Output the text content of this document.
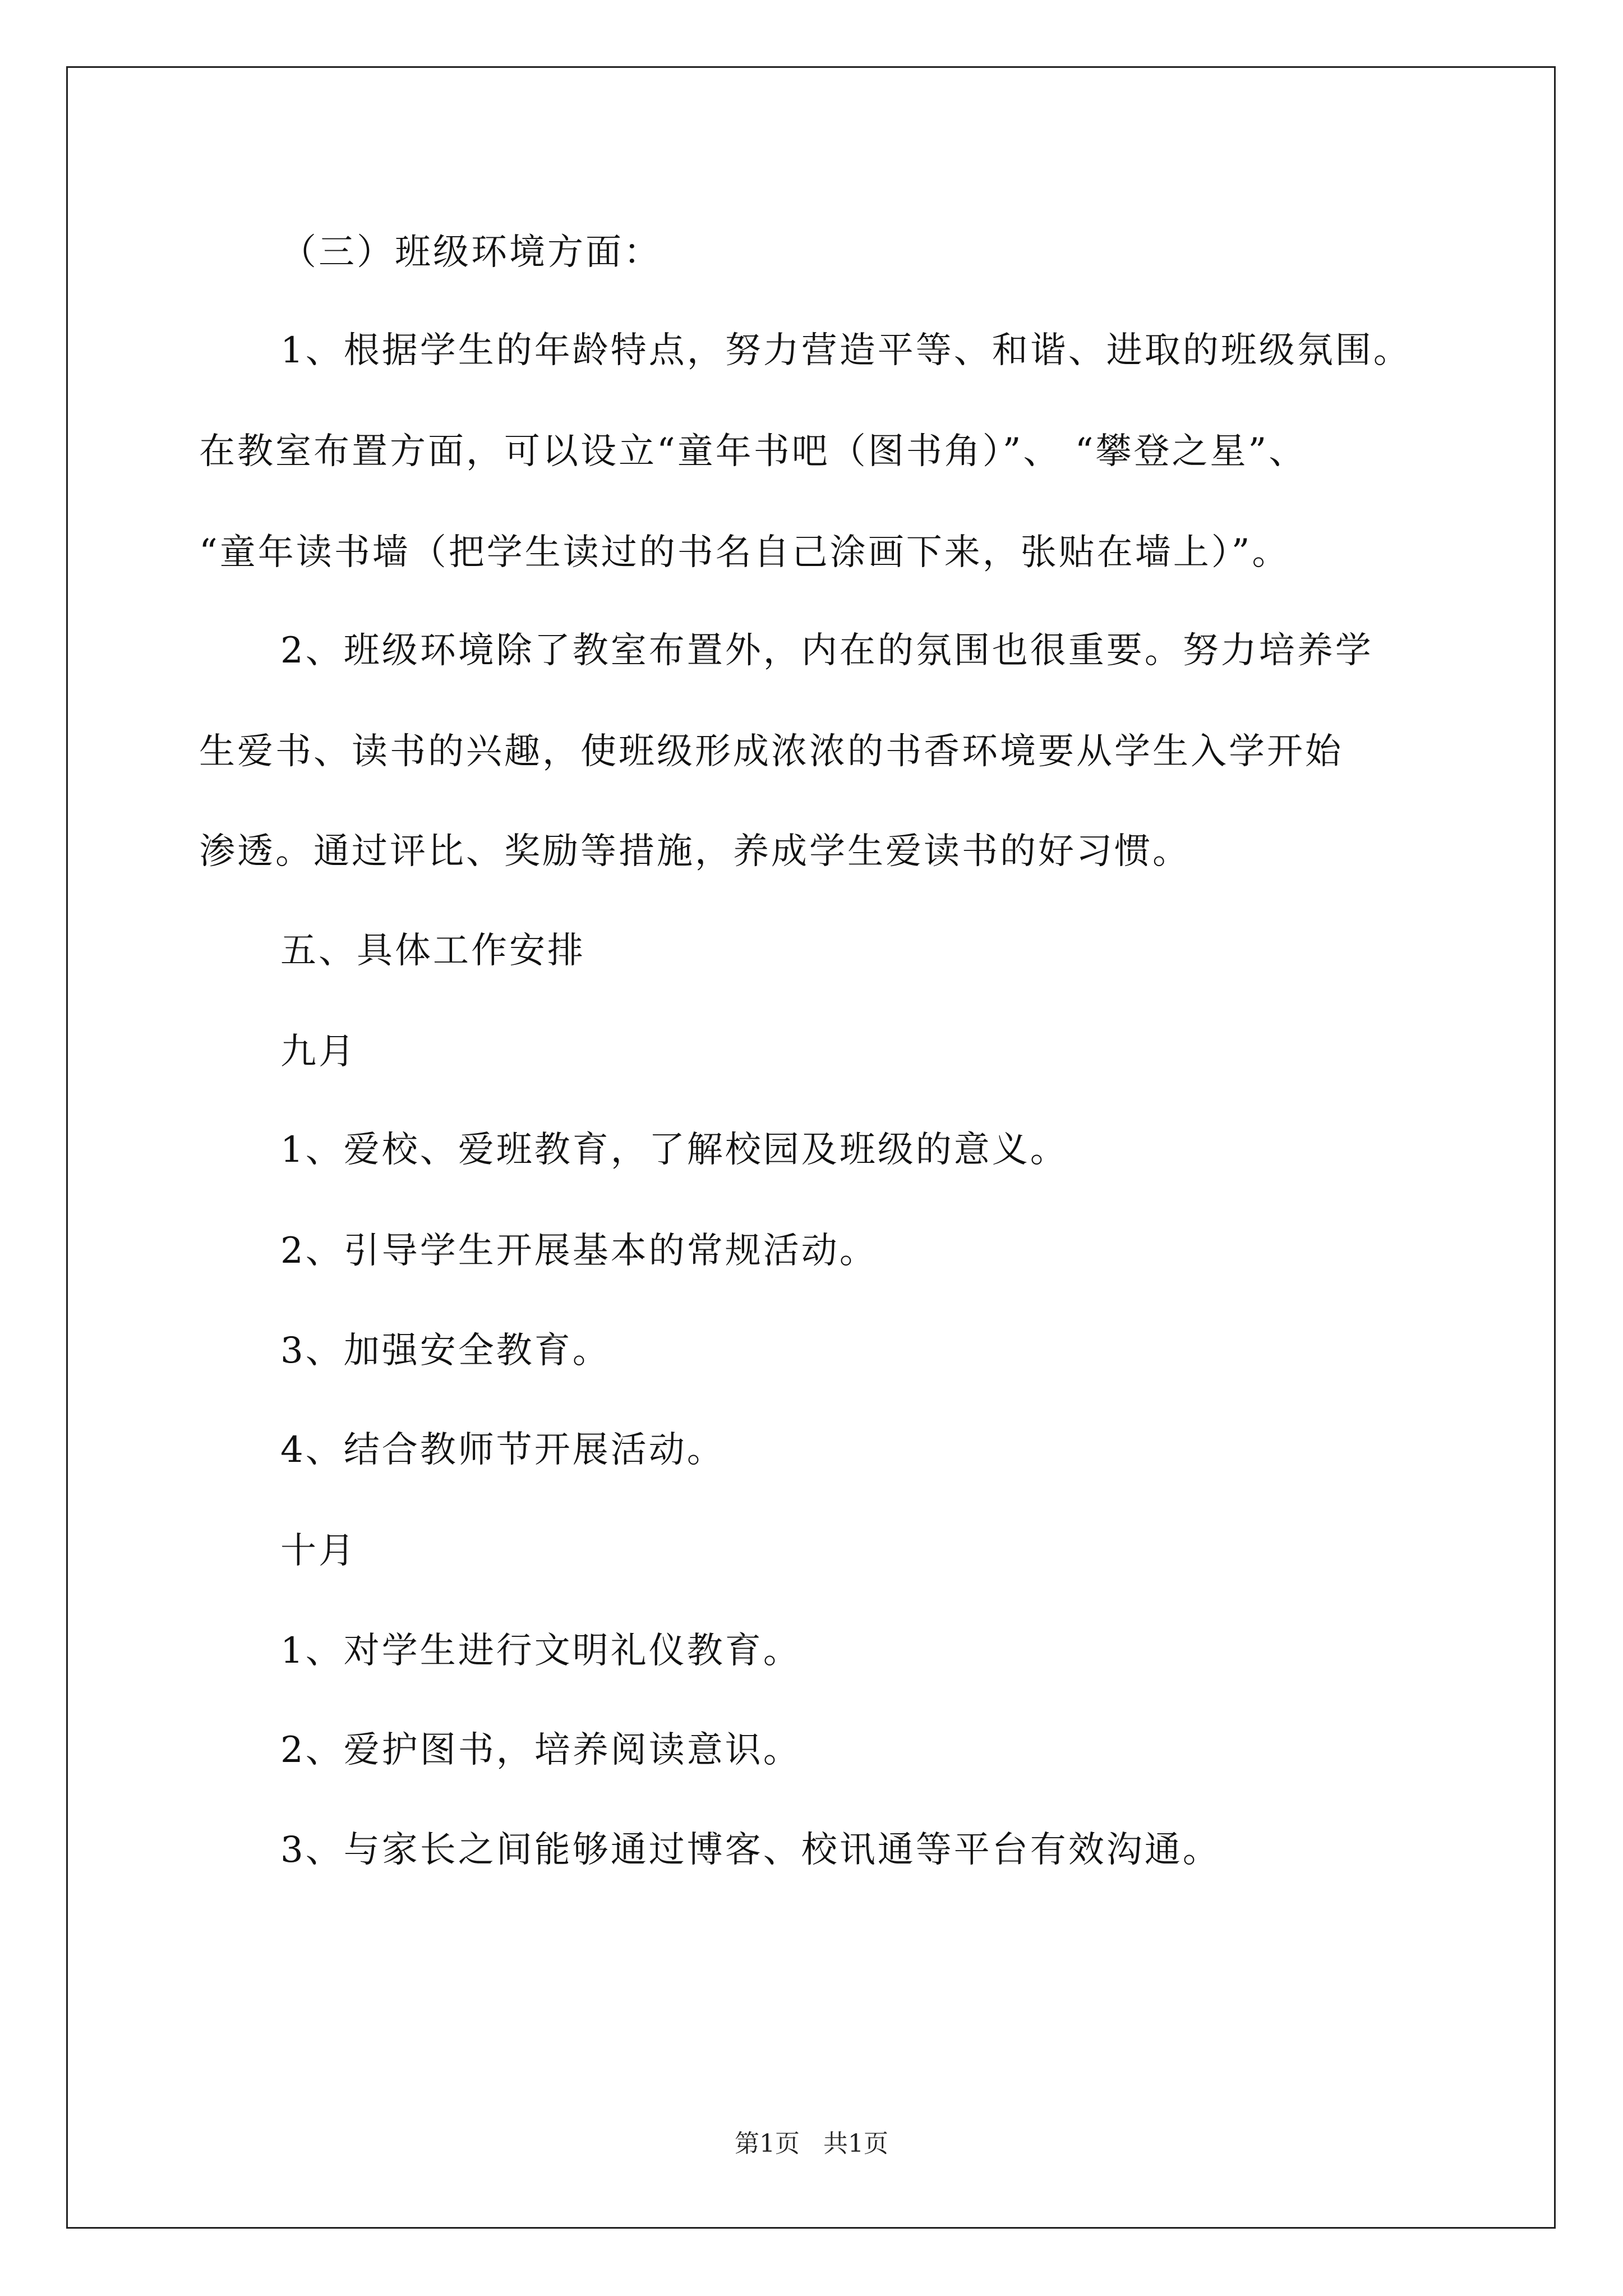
（三）班级环境方面：
1、根据学生的年龄特点，努力营造平等、和谐、进取的班级氛围。
在教室布置方面，可以设立“童年书吧（图书角）”、 “攀登之星”、
“童年读书墙（把学生读过的书名自己涂画下来，张贴在墙上）”。
2、班级环境除了教室布置外，内在的氛围也很重要。努力培养学
生爱书、读书的兴趣，使班级形成浓浓的书香环境要从学生入学开始
渗透。通过评比、奖励等措施，养成学生爱读书的好习惯。
五、具体工作安排
九月
1、爱校、爱班教育，了解校园及班级的意义。
2、引导学生开展基本的常规活动。
3、加强安全教育。
4、结合教师节开展活动。
十月
1、对学生进行文明礼仪教育。
2、爱护图书，培养阅读意识。
3、与家长之间能够通过博客、校讯通等平台有效沟通。
第1页 共1页
